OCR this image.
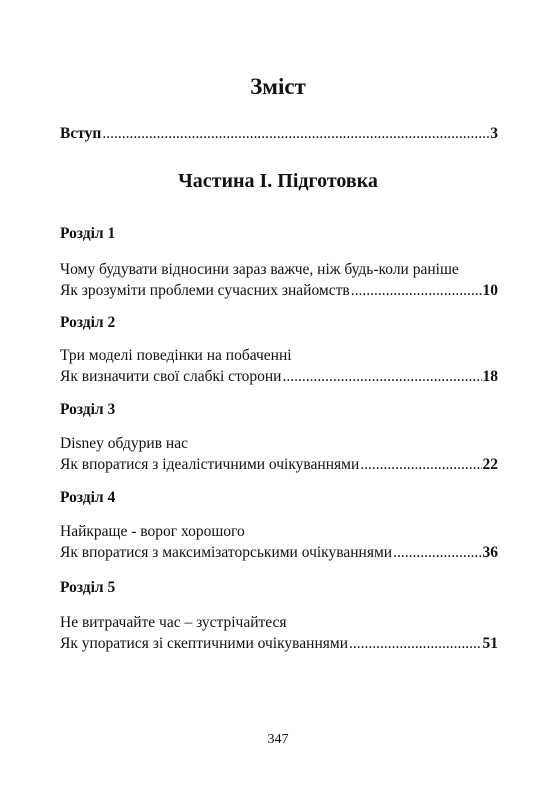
Зміст
Вступ .....	3
Частина І. Підготовка
Розділ 1
Чому будувати відносини зараз важче, ніж будь-коли раніше
Як зрозуміти проблеми сучасних знайомств .....	10
Розділ 2
Три моделі поведінки на побаченні
Як визначити свої слабкі сторони .....	18
Розділ 3
Disney обдурив нас
Як впоратися з ідеалістичними очікуваннями .....	22
Розділ 4
Найкраще - ворог хорошого
Як впоратися з максимізаторськими очікуваннями .....	36
Розділ 5
Не витрачайте час – зустрічайтеся
Як упоратися зі скептичними очікуваннями .....	51
347
